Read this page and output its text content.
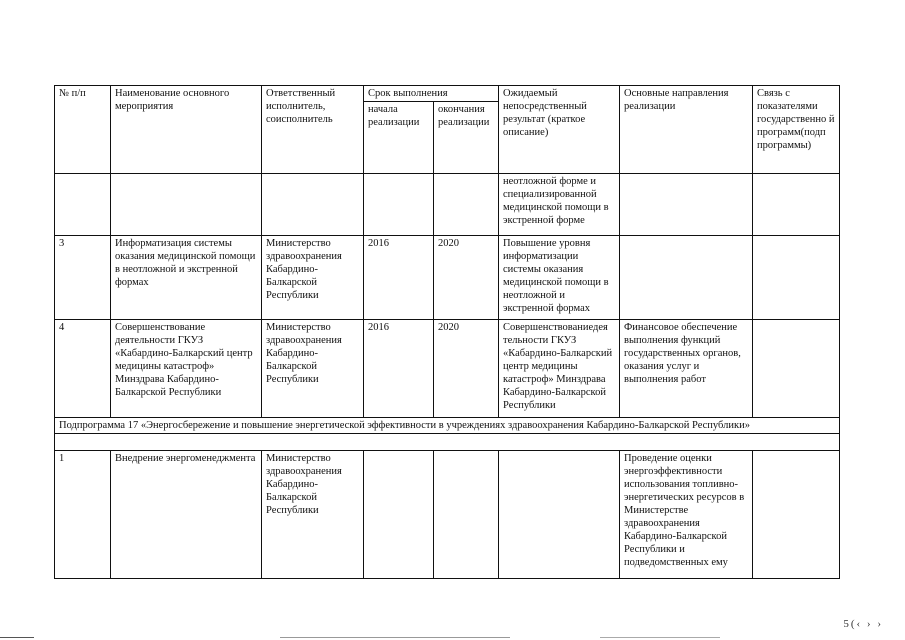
№ п/п	Наименование основного мероприятия	Ответственный исполнитель, соисполнитель	Срок выполнения		Ожидаемый непосредственный результат (краткое описание)	Основные направления реализации	Связь с показателями государственно й программ(подп программы)
			начала реализации	окончания реализации			
					неотложной форме и специализированной медицинской помощи в экстренной форме		
3	Информатизация системы оказания медицинской помощи в неотложной и экстренной формах	Министерство здравоохранения Кабардино-Балкарской Республики	2016	2020	Повышение уровня информатизации системы оказания медицинской помощи в неотложной и экстренной формах		
4	Совершенствование деятельности ГКУЗ «Кабардино-Балкарский центр медицины катастроф» Минздрава Кабардино-Балкарской Республики	Министерство здравоохранения Кабардино-Балкарской Республики	2016	2020	Совершенствованиедея тельности ГКУЗ «Кабардино-Балкарский центр медицины катастроф» Минздрава Кабардино-Балкарской Республики	Финансовое обеспечение выполнения функций государственных органов, оказания услуг и выполнения работ	
Подпрограмма 17 «Энергосбережение и повышение энергетической эффективности в учреждениях здравоохранения Кабардино-Балкарской Республики»							

1	Внедрение энергоменеджмента	Министерство здравоохранения Кабардино-Балкарской Республики				Проведение оценки энергоэффективности использования топливно-энергетических ресурсов в Министерстве здравоохранения Кабардино-Балкарской Республики и подведомственных ему	
5(‹ › ›
